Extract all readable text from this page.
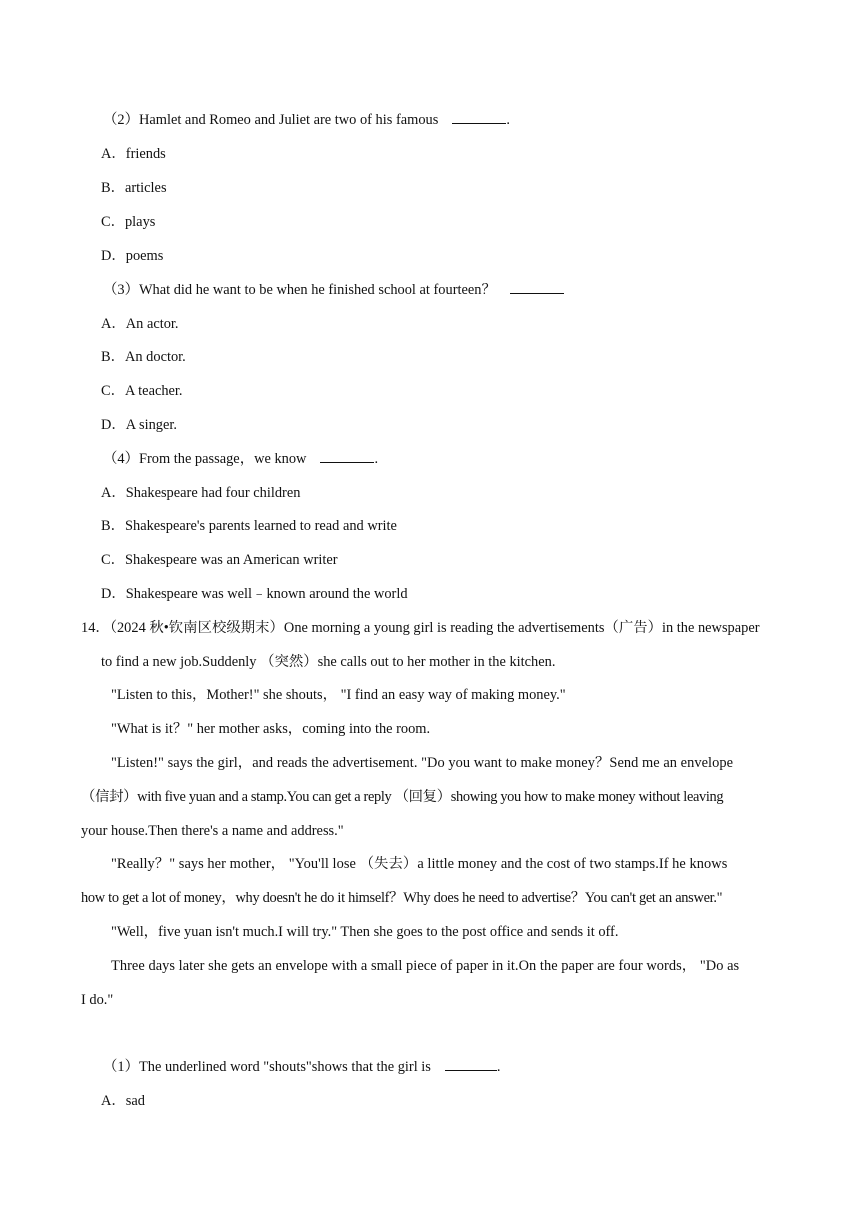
（2）Hamlet and Romeo and Juliet are two of his famous	.
A．friends
B．articles
C．plays
D．poems
（3）What did he want to be when he finished school at fourteen？
A．An actor.
B．An doctor.
C．A teacher.
D．A singer.
（4）From the passage，we know	.
A．Shakespeare had four children
B．Shakespeare's parents learned to read and write
C．Shakespeare was an American writer
D．Shakespeare was well﹣known around the world
14．（2024 秋•钦南区校级期末）One morning a young girl is reading the advertisements（广告）in the newspaper
to find a new job.Suddenly （突然）she calls out to her mother in the kitchen.
"Listen to this，Mother!" she shouts， "I find an easy way of making money."
"What is it？" her mother asks，coming into the room.
"Listen!" says the girl，and reads the advertisement. "Do you want to make money？Send me an envelope
（信封）with five yuan and a stamp.You can get a reply （回复）showing you how to make money without leaving
your house.Then there's a name and address."
"Really？" says her mother， "You'll lose （失去）a little money and the cost of two stamps.If he knows
how to get a lot of money，why doesn't he do it himself？Why does he need to advertise？You can't get an answer."
"Well，five yuan isn't much.I will try." Then she goes to the post office and sends it off.
Three days later she gets an envelope with a small piece of paper in it.On the paper are four words， "Do as
I do."
（1）The underlined word "shouts"shows that the girl is	.
A．sad
